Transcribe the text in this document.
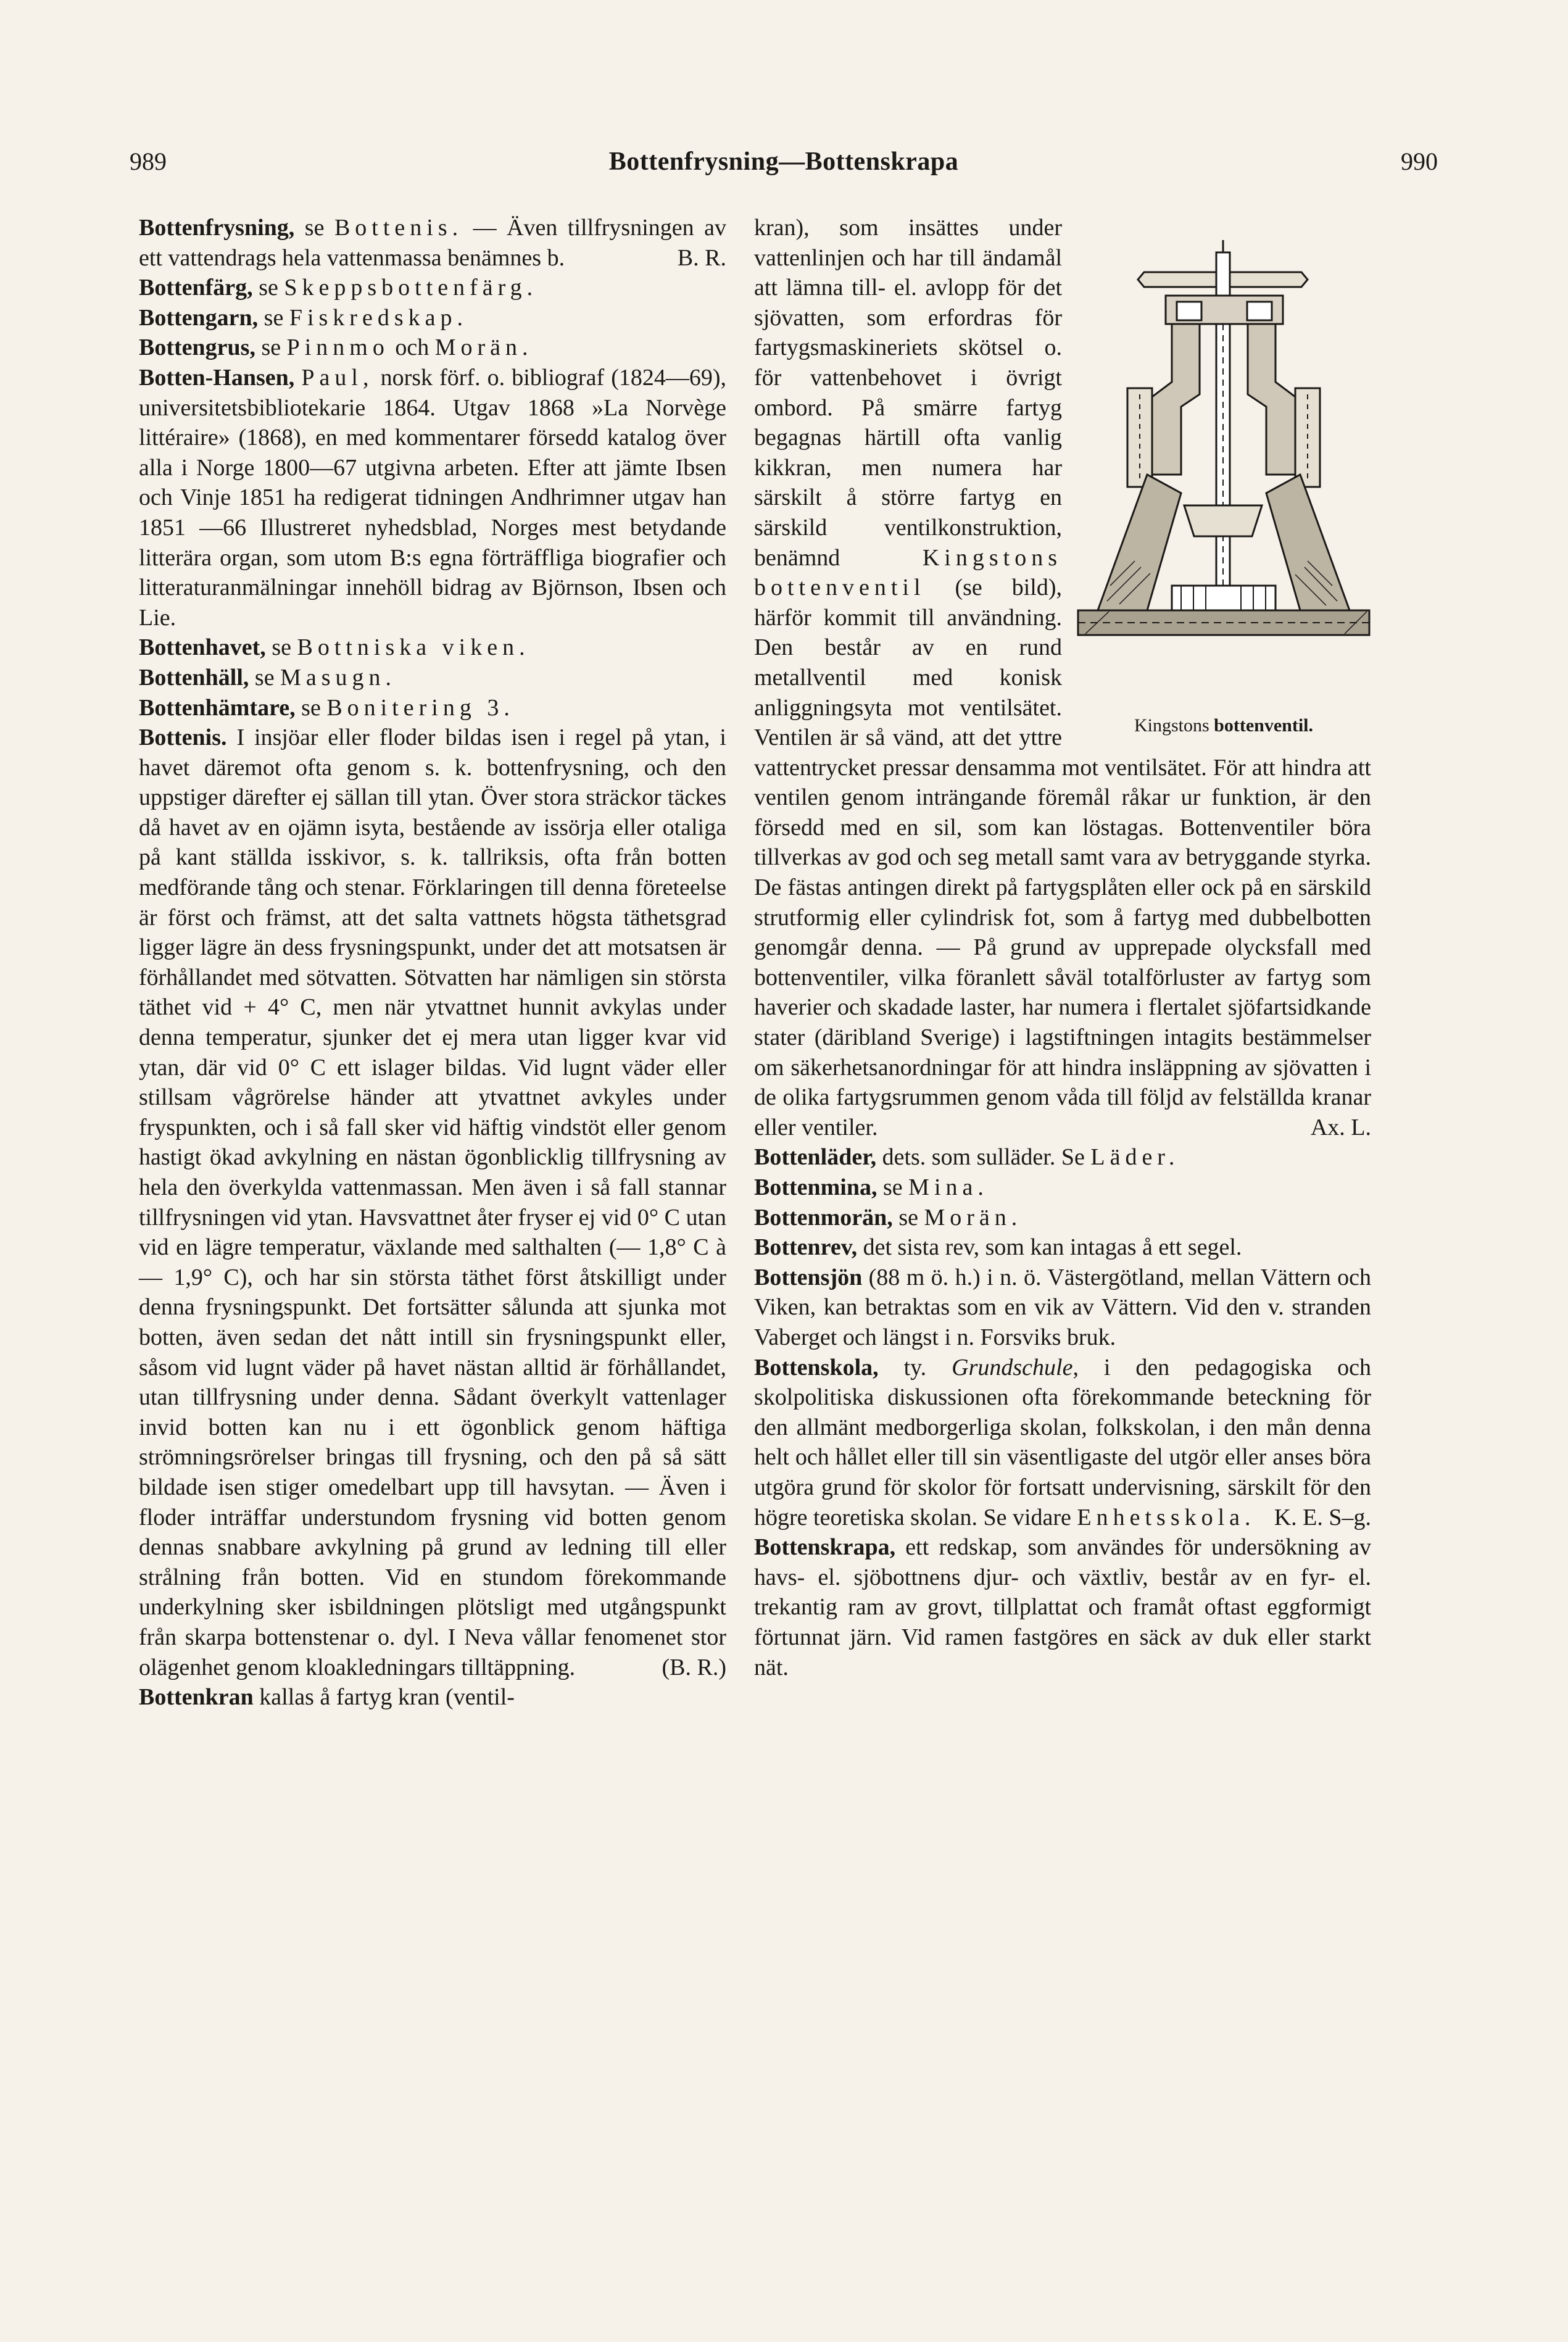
989	Bottenfrysning—Bottenskrapa	990

Bottenfrysning, se Bottenis. — Även tillfrysningen av ett vattendrags hela vattenmassa benämnes b.	B. R.

Bottenfärg, se Skeppsbottenfärg.

Bottengarn, se Fiskredskap.

Bottengrus, se Pinnmo och Morän.

Botten-Hansen, Paul, norsk förf. o. bibliograf (1824—69), universitetsbibliotekarie 1864. Utgav 1868 »La Norvège littéraire» (1868), en med kommentarer försedd katalog över alla i Norge 1800—67 utgivna arbeten. Efter att jämte Ibsen och Vinje 1851 ha redigerat tidningen Andhrimner utgav han 1851 —66 Illustreret nyhedsblad, Norges mest betydande litterära organ, som utom B:s egna förträffliga biografier och litteraturanmälningar innehöll bidrag av Björnson, Ibsen och Lie.

Bottenhavet, se Bottniska viken.

Bottenhäll, se Masugn.

Bottenhämtare, se Bonitering 3.

Bottenis. I insjöar eller floder bildas isen i regel på ytan, i havet däremot ofta genom s. k. bottenfrysning, och den uppstiger därefter ej sällan till ytan. Över stora sträckor täckes då havet av en ojämn isyta, bestående av issörja eller otaliga på kant ställda isskivor, s. k. tallriksis, ofta från botten medförande tång och stenar. Förklaringen till denna företeelse är först och främst, att det salta vattnets högsta täthetsgrad ligger lägre än dess frysningspunkt, under det att motsatsen är förhållandet med sötvatten. Sötvatten har nämligen sin största täthet vid + 4° C, men när ytvattnet hunnit avkylas under denna temperatur, sjunker det ej mera utan ligger kvar vid ytan, där vid 0° C ett islager bildas. Vid lugnt väder eller stillsam vågrörelse händer att ytvattnet avkyles under fryspunkten, och i så fall sker vid häftig vindstöt eller genom hastigt ökad avkylning en nästan ögonblicklig tillfrysning av hela den överkylda vattenmassan. Men även i så fall stannar tillfrysningen vid ytan. Havsvattnet åter fryser ej vid 0° C utan vid en lägre temperatur, växlande med salthalten (— 1,8° C à — 1,9° C), och har sin största täthet först åtskilligt under denna frysningspunkt. Det fortsätter sålunda att sjunka mot botten, även sedan det nått intill sin frysningspunkt eller, såsom vid lugnt väder på havet nästan alltid är förhållandet, utan tillfrysning under denna. Sådant överkylt vattenlager invid botten kan nu i ett ögonblick genom häftiga strömningsrörelser bringas till frysning, och den på så sätt bildade isen stiger omedelbart upp till havsytan. — Även i floder inträffar understundom frysning vid botten genom dennas snabbare avkylning på grund av ledning till eller strålning från botten. Vid en stundom förekommande underkylning sker isbildningen plötsligt med utgångspunkt från skarpa bottenstenar o. dyl. I Neva vållar fenomenet stor olägenhet genom kloakledningars tilltäppning.	(B. R.)

Bottenkran kallas å fartyg kran (ventil-

Kingstons bottenventil.

kran), som insättes under vattenlinjen och har till ändamål att lämna till- el. avlopp för det sjövatten, som erfordras för fartygsmaskineriets skötsel o. för vattenbehovet i övrigt ombord. På smärre fartyg begagnas härtill ofta vanlig kikkran, men numera har särskilt å större fartyg en särskild ventilkonstruktion, benämnd Kingstons bottenventil (se bild), härför kommit till användning. Den består av en rund metallventil med konisk anliggningsyta mot ventilsätet. Ventilen är så vänd, att det yttre vattentrycket pressar densamma mot ventilsätet. För att hindra att ventilen genom inträngande föremål råkar ur funktion, är den försedd med en sil, som kan löstagas. Bottenventiler böra tillverkas av god och seg metall samt vara av betryggande styrka. De fästas antingen direkt på fartygsplåten eller ock på en särskild strutformig eller cylindrisk fot, som å fartyg med dubbelbotten genomgår denna. — På grund av upprepade olycksfall med bottenventiler, vilka föranlett såväl totalförluster av fartyg som haverier och skadade laster, har numera i flertalet sjöfartsidkande stater (däribland Sverige) i lagstiftningen intagits bestämmelser om säkerhetsanordningar för att hindra insläppning av sjövatten i de olika fartygsrummen genom våda till följd av felställda kranar eller ventiler.	Ax. L.

Bottenläder, dets. som sulläder. Se Läder.

Bottenmina, se Mina.

Bottenmorän, se Morän.

Bottenrev, det sista rev, som kan intagas å ett segel.

Bottensjön (88 m ö. h.) i n. ö. Västergötland, mellan Vättern och Viken, kan betraktas som en vik av Vättern. Vid den v. stranden Vaberget och längst i n. Forsviks bruk.

Bottenskola, ty. Grundschule, i den pedagogiska och skolpolitiska diskussionen ofta förekommande beteckning för den allmänt medborgerliga skolan, folkskolan, i den mån denna helt och hållet eller till sin väsentligaste del utgör eller anses böra utgöra grund för skolor för fortsatt undervisning, särskilt för den högre teoretiska skolan. Se vidare Enhetsskola. K. E. S–g.

Bottenskrapa, ett redskap, som användes för undersökning av havs- el. sjöbottnens djur- och växtliv, består av en fyr- el. trekantig ram av grovt, tillplattat och framåt oftast eggformigt förtunnat järn. Vid ramen fastgöres en säck av duk eller starkt nät.
